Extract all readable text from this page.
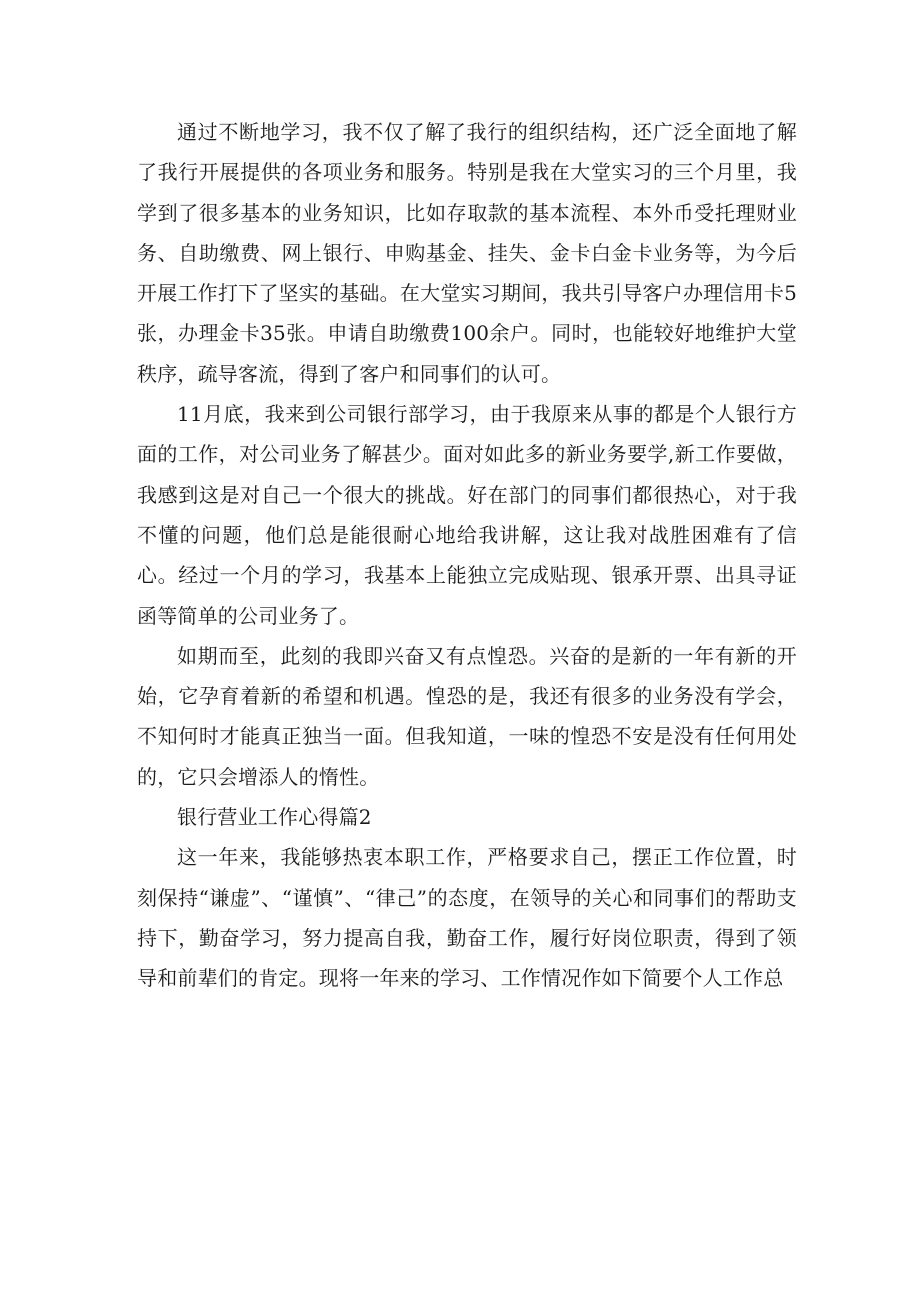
通过不断地学习，我不仅了解了我行的组织结构，还广泛全面地了解了我行开展提供的各项业务和服务。特别是我在大堂实习的三个月里，我学到了很多基本的业务知识，比如存取款的基本流程、本外币受托理财业务、自助缴费、网上银行、申购基金、挂失、金卡白金卡业务等，为今后开展工作打下了坚实的基础。在大堂实习期间，我共引导客户办理信用卡5张，办理金卡35张。申请自助缴费100余户。同时，也能较好地维护大堂秩序，疏导客流，得到了客户和同事们的认可。

11月底，我来到公司银行部学习，由于我原来从事的都是个人银行方面的工作，对公司业务了解甚少。面对如此多的新业务要学,新工作要做，我感到这是对自己一个很大的挑战。好在部门的同事们都很热心，对于我不懂的问题，他们总是能很耐心地给我讲解，这让我对战胜困难有了信心。经过一个月的学习，我基本上能独立完成贴现、银承开票、出具寻证函等简单的公司业务了。

如期而至，此刻的我即兴奋又有点惶恐。兴奋的是新的一年有新的开始，它孕育着新的希望和机遇。惶恐的是，我还有很多的业务没有学会，不知何时才能真正独当一面。但我知道，一味的惶恐不安是没有任何用处的，它只会增添人的惰性。

银行营业工作心得篇2

这一年来，我能够热衷本职工作，严格要求自己，摆正工作位置，时刻保持“谦虚”、“谨慎”、“律己”的态度，在领导的关心和同事们的帮助支持下，勤奋学习，努力提高自我，勤奋工作，履行好岗位职责，得到了领导和前辈们的肯定。现将一年来的学习、工作情况作如下简要个人工作总
